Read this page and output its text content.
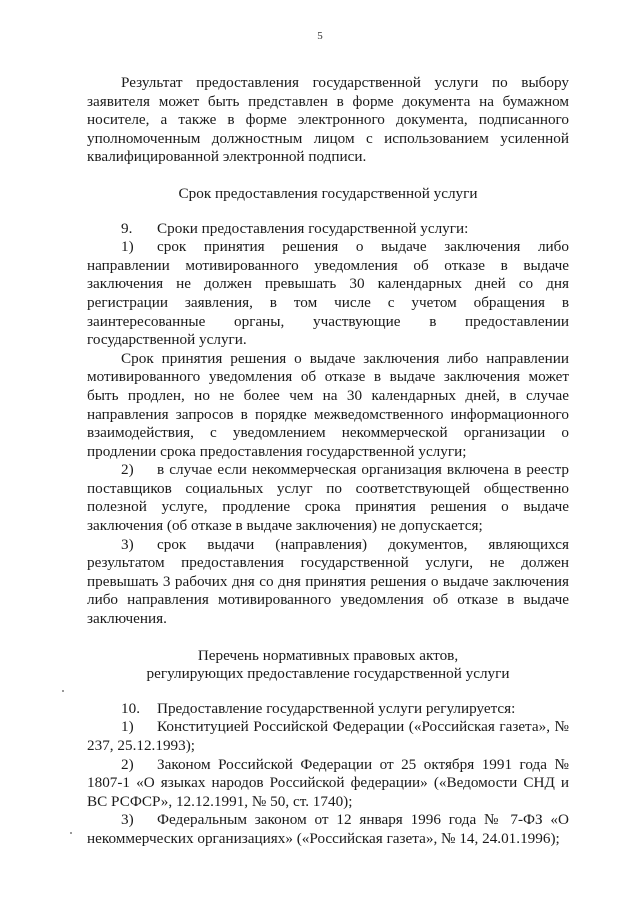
5

Результат предоставления государственной услуги по выбору заявителя может быть представлен в форме документа на бумажном носителе, а также в форме электронного документа, подписанного уполномоченным должностным лицом с использованием усиленной квалифицированной электронной подписи.

Срок предоставления государственной услуги

9. Сроки предоставления государственной услуги:

1) срок принятия решения о выдаче заключения либо направлении мотивированного уведомления об отказе в выдаче заключения не должен превышать 30 календарных дней со дня регистрации заявления, в том числе с учетом обращения в заинтересованные органы, участвующие в предоставлении государственной услуги.

Срок принятия решения о выдаче заключения либо направлении мотивированного уведомления об отказе в выдаче заключения может быть продлен, но не более чем на 30 календарных дней, в случае направления запросов в порядке межведомственного информационного взаимодействия, с уведомлением некоммерческой организации о продлении срока предоставления государственной услуги;

2) в случае если некоммерческая организация включена в реестр поставщиков социальных услуг по соответствующей общественно полезной услуге, продление срока принятия решения о выдаче заключения (об отказе в выдаче заключения) не допускается;

3) срок выдачи (направления) документов, являющихся результатом предоставления государственной услуги, не должен превышать 3 рабочих дня со дня принятия решения о выдаче заключения либо направления мотивированного уведомления об отказе в выдаче заключения.

Перечень нормативных правовых актов,

регулирующих предоставление государственной услуги

10. Предоставление государственной услуги регулируется:

1) Конституцией Российской Федерации («Российская газета», № 237, 25.12.1993);

2) Законом Российской Федерации от 25 октября 1991 года № 1807-1 «О языках народов Российской федерации» («Ведомости СНД и ВС РСФСР», 12.12.1991, № 50, ст. 1740);

3) Федеральным законом от 12 января 1996 года № 7-ФЗ «О некоммерческих организациях» («Российская газета», № 14, 24.01.1996);
